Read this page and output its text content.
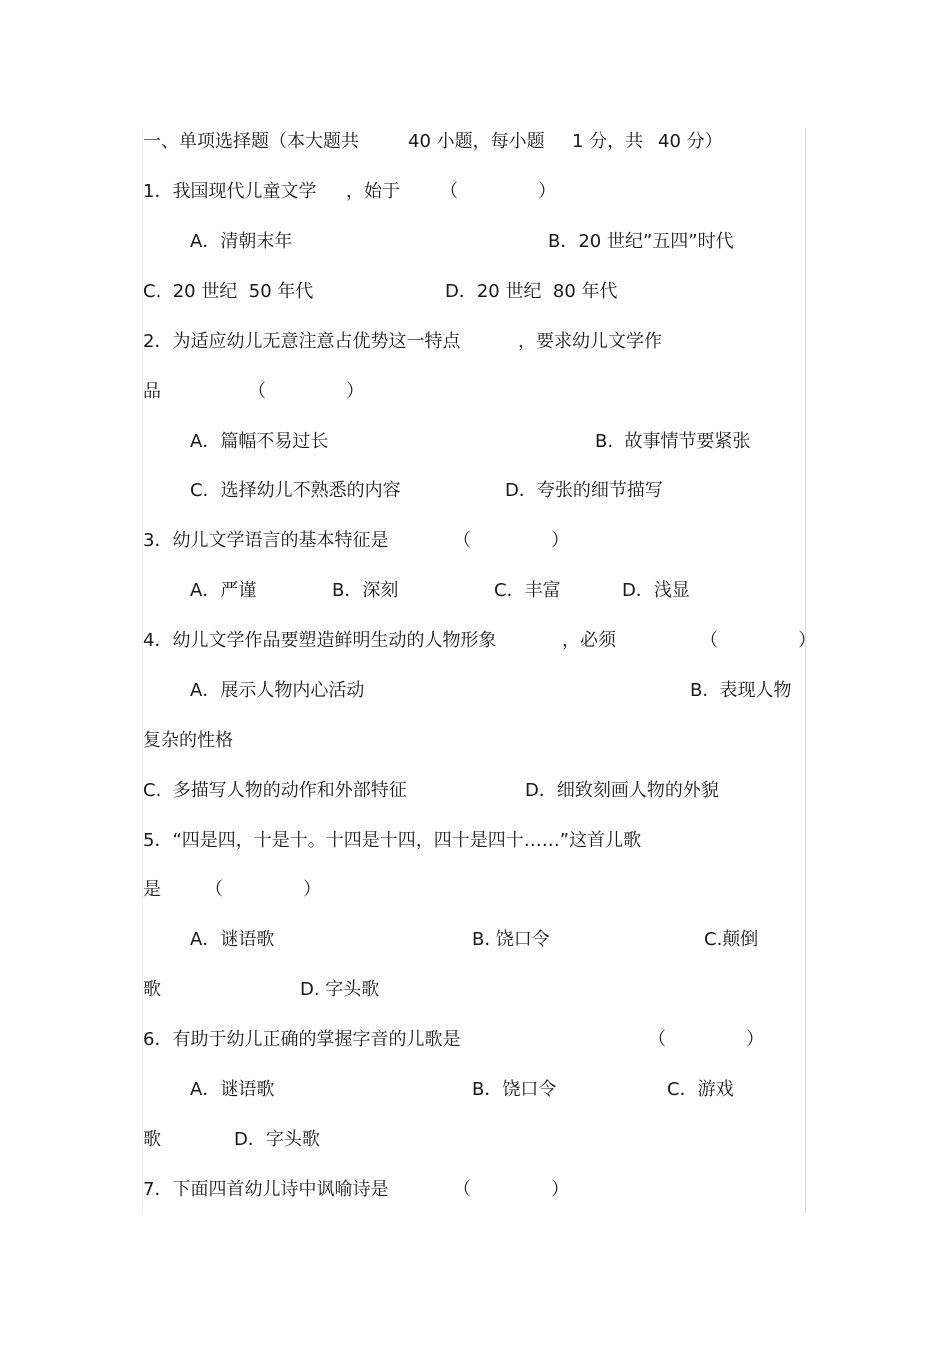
一、单项选择题（本大题共	40 小题，每小题 1 分，共 40 分）
1．我国现代儿童文学 ，始于 （              ）
A．清朝末年	B．20 世纪”五四”时代
C.  20 世纪  50 年代	D．20 世纪  80 年代
2．为适应幼儿无意注意占优势这一特点	，要求幼儿文学作
品	（              ）
A．篇幅不易过长	B.  故事情节要紧张
C．选择幼儿不熟悉的内容	D．夸张的细节描写
3．幼儿文学语言的基本特征是	（              ）
A．严谨	B．深刻	C．丰富	D．浅显
4．幼儿文学作品要塑造鲜明生动的人物形象	，必须	（              ）
A．展示人物内心活动	B.  表现人物
复杂的性格
C.  多描写人物的动作和外部特征	D．细致刻画人物的外貌
5．“四是四，十是十。十四是十四，四十是四十……”这首儿歌
是 （              ）
A．谜语歌	B. 饶口令	C.颠倒
歌	D. 字头歌
6．有助于幼儿正确的掌握字音的儿歌是	（              ）
A．谜语歌	B．饶口令	C．游戏
歌	D．字头歌
7．下面四首幼儿诗中讽喻诗是	（              ）
